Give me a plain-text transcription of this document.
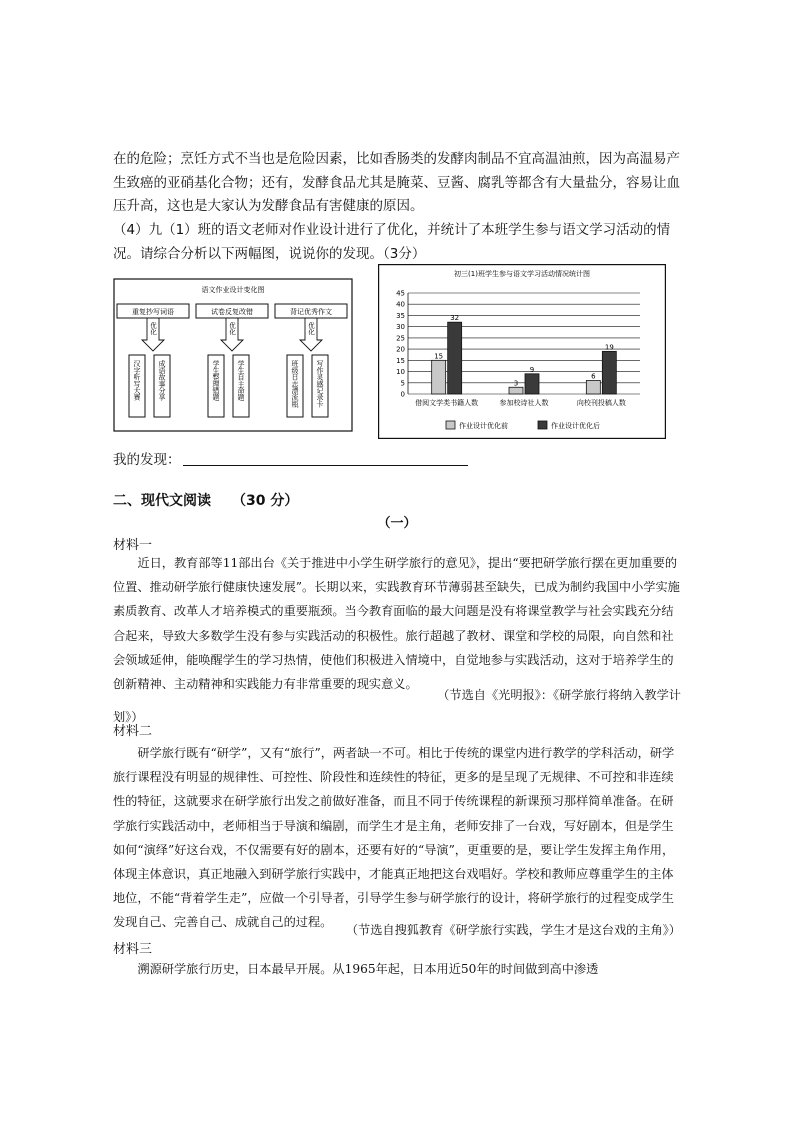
在的危险；烹饪方式不当也是危险因素，比如香肠类的发酵肉制品不宜高温油煎，因为高温易产生致癌的亚硝基化合物；还有，发酵食品尤其是腌菜、豆酱、腐乳等都含有大量盐分，容易让血压升高，这也是大家认为发酵食品有害健康的原因。
（4）九（1）班的语文老师对作业设计进行了优化，并统计了本班学生参与语文学习活动的情况。请综合分析以下两幅图，说说你的发现。（3分）
语文作业设计变化图
重复抄写词语
优化
汉字听写大赛 成语故事分享
试卷反复改错
优化
学生整理错题 学生自主命题
背记优秀作文
优化
班级日志漂流瓶 写作灵感记录卡
初三(1)班学生参与语文学习活动情况统计图
0
5
10
15
20
25
30
35
40
45
15
32
3
9
6
19
借阅文学类书籍人数	参加校诗社人数	向校刊投稿人数
作业设计优化前	作业设计优化后
我的发现：
二、现代文阅读　　（30 分）
（一）
材料一
近日，教育部等11部出台《关于推进中小学生研学旅行的意见》，提出“要把研学旅行摆在更加重要的位置、推动研学旅行健康快速发展”。长期以来，实践教育环节薄弱甚至缺失，已成为制约我国中小学实施素质教育、改革人才培养模式的重要瓶颈。当今教育面临的最大问题是没有将课堂教学与社会实践充分结合起来，导致大多数学生没有参与实践活动的积极性。旅行超越了教材、课堂和学校的局限，向自然和社会领域延伸，能唤醒学生的学习热情，使他们积极进入情境中，自觉地参与实践活动，这对于培养学生的创新精神、主动精神和实践能力有非常重要的现实意义。
（节选自《光明报》：《研学旅行将纳入教学计
划》）
材料二
研学旅行既有“研学”，又有“旅行”，两者缺一不可。相比于传统的课堂内进行教学的学科活动，研学旅行课程没有明显的规律性、可控性、阶段性和连续性的特征，更多的是呈现了无规律、不可控和非连续性的特征，这就要求在研学旅行出发之前做好准备，而且不同于传统课程的新课预习那样简单准备。在研学旅行实践活动中，老师相当于导演和编剧，而学生才是主角，老师安排了一台戏，写好剧本，但是学生如何“演绎”好这台戏，不仅需要有好的剧本，还要有好的“导演”，更重要的是，要让学生发挥主角作用，体现主体意识，真正地融入到研学旅行实践中，才能真正地把这台戏唱好。学校和教师应尊重学生的主体地位，不能“背着学生走”，应做一个引导者，引导学生参与研学旅行的设计，将研学旅行的过程变成学生发现自己、完善自己、成就自己的过程。
（节选自搜狐教育《研学旅行实践，学生才是这台戏的主角》）
材料三
溯源研学旅行历史，日本最早开展。从1965年起，日本用近50年的时间做到高中渗透
